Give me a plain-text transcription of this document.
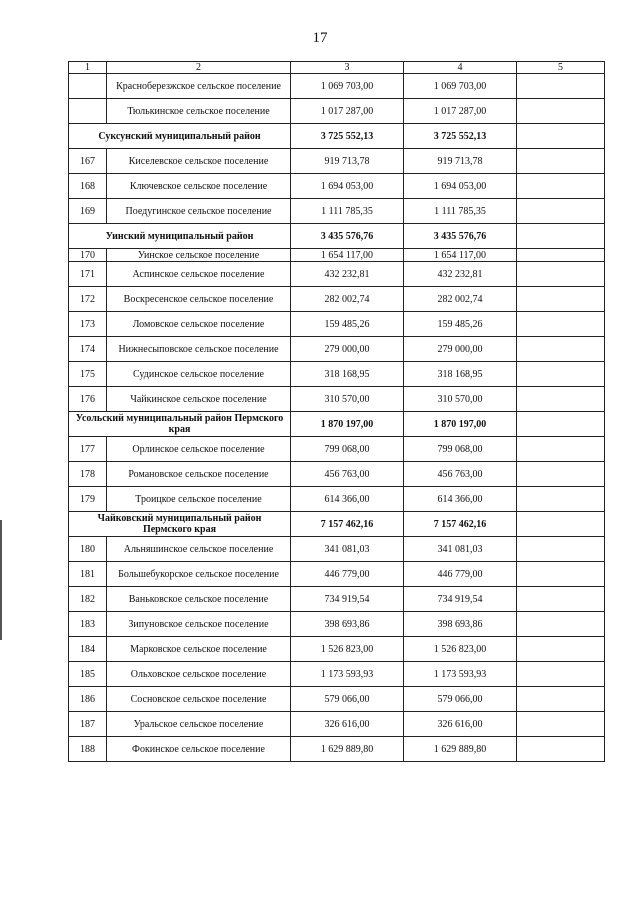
17
1	2	3	4	5
	Красноберезжское сельское поселение	1 069 703,00	1 069 703,00	
	Тюлькинское сельское поселение	1 017 287,00	1 017 287,00	
Суксунский муниципальный район		3 725 552,13	3 725 552,13	
167	Киселевское сельское поселение	919 713,78	919 713,78	
168	Ключевское сельское поселение	1 694 053,00	1 694 053,00	
169	Поедугинское сельское поселение	1 111 785,35	1 111 785,35	
Уинский муниципальный район		3 435 576,76	3 435 576,76	
170	Уинское сельское поселение	1 654 117,00	1 654 117,00	
171	Аспинское сельское поселение	432 232,81	432 232,81	
172	Воскресенское сельское поселение	282 002,74	282 002,74	
173	Ломовское сельское поселение	159 485,26	159 485,26	
174	Нижнесыповское сельское поселение	279 000,00	279 000,00	
175	Судинское сельское поселение	318 168,95	318 168,95	
176	Чайкинское сельское поселение	310 570,00	310 570,00	
Усольский муниципальный район Пермского края		1 870 197,00	1 870 197,00	
177	Орлинское сельское поселение	799 068,00	799 068,00	
178	Романовское сельское поселение	456 763,00	456 763,00	
179	Троицкое сельское поселение	614 366,00	614 366,00	
Чайковский муниципальный район Пермского края		7 157 462,16	7 157 462,16	
180	Альняшинское сельское поселение	341 081,03	341 081,03	
181	Большебукорское сельское поселение	446 779,00	446 779,00	
182	Ваньковское сельское поселение	734 919,54	734 919,54	
183	Зипуновское сельское поселение	398 693,86	398 693,86	
184	Марковское сельское поселение	1 526 823,00	1 526 823,00	
185	Ольховское сельское поселение	1 173 593,93	1 173 593,93	
186	Сосновское сельское поселение	579 066,00	579 066,00	
187	Уральское сельское поселение	326 616,00	326 616,00	
188	Фокинское сельское поселение	1 629 889,80	1 629 889,80	
